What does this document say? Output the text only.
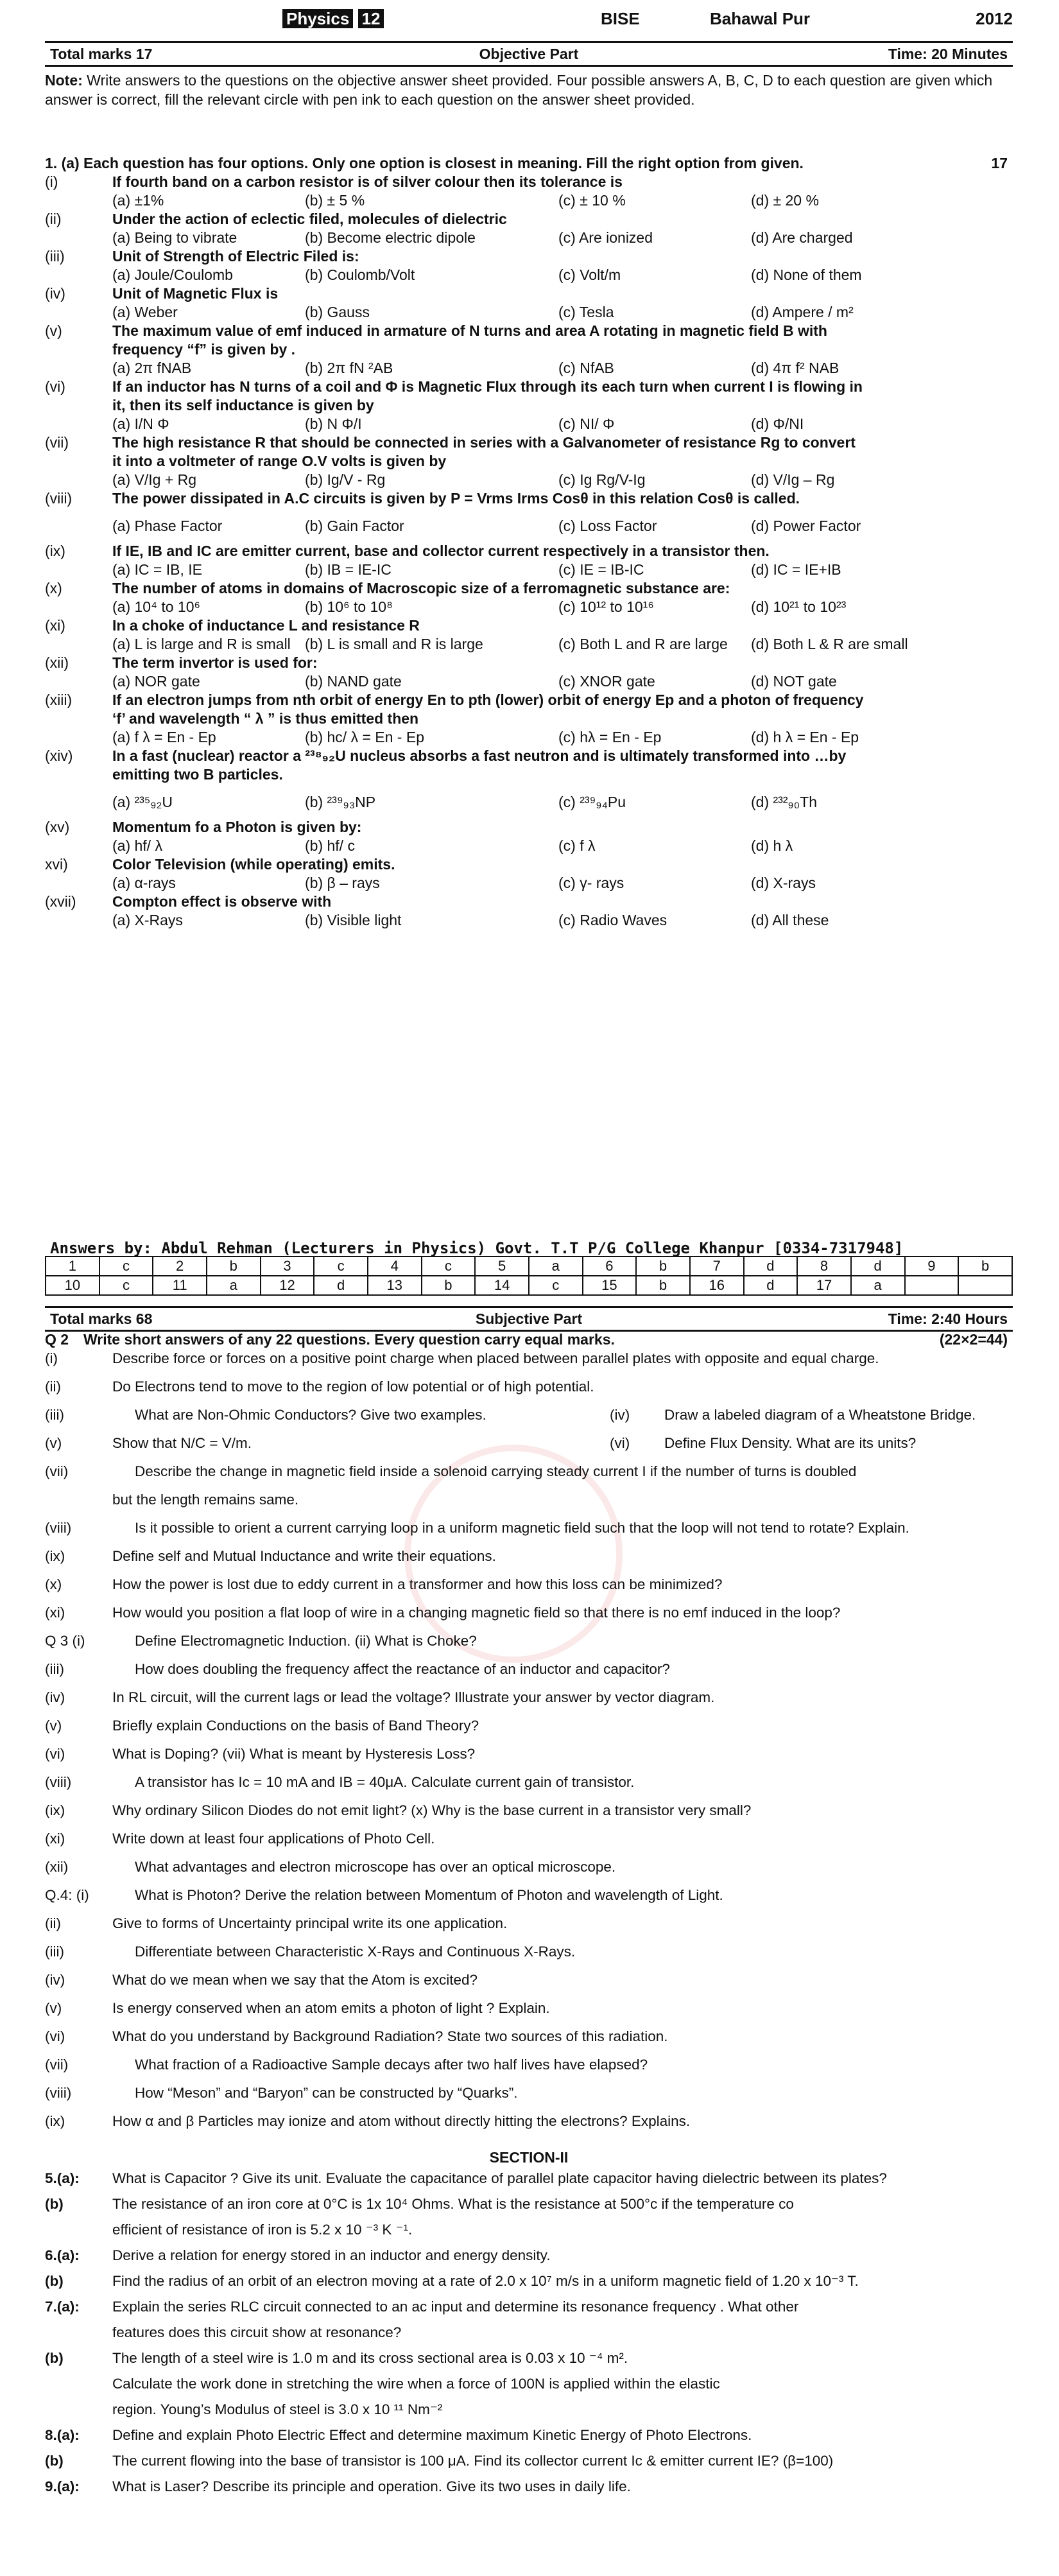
Physics 12	BISE	Bahawal Pur	2012
Total marks 17	Objective Part	Time: 20 Minutes
Note: Write answers to the questions on the objective answer sheet provided. Four possible answers A, B, C, D to each question are given which answer is correct, fill the relevant circle with pen ink to each question on the answer sheet provided.
1. (a) Each question has four options. Only one option is closest in meaning. Fill the right option from given.	17
(i)	If fourth band on a carbon resistor is of silver colour then its tolerance is
(a) ±1%	(b) ± 5 %	(c) ± 10 %	(d) ± 20 %
(ii)	Under the action of eclectic filed, molecules of dielectric
(a) Being to vibrate	(b) Become electric dipole	(c) Are ionized	(d) Are charged
(iii)	Unit of Strength of Electric Filed is:
(a) Joule/Coulomb	(b) Coulomb/Volt	(c) Volt/m	(d) None of them
(iv)	Unit of Magnetic Flux is
(a) Weber	(b) Gauss	(c) Tesla	(d) Ampere / m²
(v)	The maximum value of emf induced in armature of N turns and area A rotating in magnetic field B with
frequency “f” is given by .
(a) 2π fNAB	(b) 2π fN ²AB	(c) NfAB	(d) 4π f² NAB
(vi)	If an inductor has N turns of a coil and Φ is Magnetic Flux through its each turn when current I is flowing in
it, then its self inductance is given by
(a) I/N Φ	(b) N Φ/I	(c) NI/ Φ	(d) Φ/NI
(vii)	The high resistance R that should be connected in series with a Galvanometer of resistance Rg to convert
it into a voltmeter of range O.V volts is given by
(a) V/Ig + Rg	(b) Ig/V - Rg	(c) Ig Rg/V-Ig	(d) V/Ig – Rg
(viii)	The power dissipated in A.C circuits is given by P = Vrms Irms Cosθ in this relation Cosθ is called.
(a) Phase Factor	(b) Gain Factor	(c) Loss Factor	(d) Power Factor
(ix)	If IE, IB and IC are emitter current, base and collector current respectively in a transistor then.
(a) IC = IB, IE	(b) IB = IE-IC	(c) IE = IB-IC	(d) IC = IE+IB
(x)	The number of atoms in domains of Macroscopic size of a ferromagnetic substance are:
(a) 10⁴ to 10⁶	(b) 10⁶ to 10⁸	(c) 10¹² to 10¹⁶	(d) 10²¹ to 10²³
(xi)	In a choke of inductance L and resistance R
(a) L is large and R is small (b) L is small and R is large	(c) Both L and R are large (d) Both L & R are small
(xii)	The term invertor is used for:
(a) NOR gate	(b) NAND gate	(c) XNOR gate	(d) NOT gate
(xiii)	If an electron jumps from nth orbit of energy En to pth (lower) orbit of energy Ep and a photon of frequency
‘f’ and wavelength “ λ ” is thus emitted then
(a) f λ = En - Ep	(b) hc/ λ = En - Ep	(c) hλ = En - Ep	(d) h λ = En - Ep
(xiv)	In a fast (nuclear) reactor a ²³⁸₉₂U nucleus absorbs a fast neutron and is ultimately transformed into …by
emitting two B particles.
(a) ²³⁵₉₂U	(b) ²³⁹₉₃NP	(c) ²³⁹₉₄Pu	(d) ²³²₉₀Th
(xv)	Momentum fo a Photon is given by:
(a) hf/ λ	(b) hf/ c	(c) f λ	(d) h λ
xvi)	Color Television (while operating) emits.
(a) α-rays	(b) β – rays	(c) γ- rays	(d) X-rays
(xvii) Compton effect is observe with
(a) X-Rays	(b) Visible light	(c) Radio Waves	(d) All these
Answers by: Abdul Rehman (Lecturers in Physics) Govt. T.T P/G College Khanpur [0334-7317948]
1	c	2	b	3	c	4	c	5	a	6	b	7	d	8	d	9	b
10	c	11	a	12	d	13	b	14	c	15	b	16	d	17	a		
Total marks 68	Subjective Part	Time: 2:40 Hours
Q 2 Write short answers of any 22 questions. Every question carry equal marks.	(22×2=44)
(i)	Describe force or forces on a positive point charge when placed between parallel plates with opposite and equal charge.
(ii)	Do Electrons tend to move to the region of low potential or of high potential.
(iii)	What are Non-Ohmic Conductors? Give two examples.	(iv) Draw a labeled diagram of a Wheatstone Bridge.
(v)	Show that N/C = V/m.	(vi) Define Flux Density. What are its units?
(vii)	Describe the change in magnetic field inside a solenoid carrying steady current I if the number of turns is doubled
but the length remains same.
(viii)	Is it possible to orient a current carrying loop in a uniform magnetic field such that the loop will not tend to rotate? Explain.
(ix)	Define self and Mutual Inductance and write their equations.
(x)	How the power is lost due to eddy current in a transformer and how this loss can be minimized?
(xi)	How would you position a flat loop of wire in a changing magnetic field so that there is no emf induced in the loop?
Q 3 (i)	Define Electromagnetic Induction. (ii) What is Choke?
(iii)	How does doubling the frequency affect the reactance of an inductor and capacitor?
(iv)	In RL circuit, will the current lags or lead the voltage? Illustrate your answer by vector diagram.
(v)	Briefly explain Conductions on the basis of Band Theory?
(vi)	What is Doping? (vii) What is meant by Hysteresis Loss?
(viii)	A transistor has Ic = 10 mA and IB = 40μA. Calculate current gain of transistor.
(ix)	Why ordinary Silicon Diodes do not emit light? (x) Why is the base current in a transistor very small?
(xi)	Write down at least four applications of Photo Cell.
(xii)	What advantages and electron microscope has over an optical microscope.
Q.4: (i)	What is Photon? Derive the relation between Momentum of Photon and wavelength of Light.
(ii)	Give to forms of Uncertainty principal write its one application.
(iii)	Differentiate between Characteristic X-Rays and Continuous X-Rays.
(iv)	What do we mean when we say that the Atom is excited?
(v)	Is energy conserved when an atom emits a photon of light ? Explain.
(vi)	What do you understand by Background Radiation? State two sources of this radiation.
(vii)	What fraction of a Radioactive Sample decays after two half lives have elapsed?
(viii)	How “Meson” and “Baryon” can be constructed by “Quarks”.
(ix)	How α and β Particles may ionize and atom without directly hitting the electrons? Explains.
SECTION-II
5.(a): What is Capacitor ? Give its unit. Evaluate the capacitance of parallel plate capacitor having dielectric between its plates?
(b)	The resistance of an iron core at 0°C is 1x 10⁴ Ohms. What is the resistance at 500°c if the temperature co
efficient of resistance of iron is 5.2 x 10 ⁻³ K ⁻¹.
6.(a): Derive a relation for energy stored in an inductor and energy density.
(b)	Find the radius of an orbit of an electron moving at a rate of 2.0 x 10⁷ m/s in a uniform magnetic field of 1.20 x 10⁻³ T.
7.(a): Explain the series RLC circuit connected to an ac input and determine its resonance frequency . What other
features does this circuit show at resonance?
(b)	The length of a steel wire is 1.0 m and its cross sectional area is 0.03 x 10 ⁻⁴ m².
Calculate the work done in stretching the wire when a force of 100N is applied within the elastic
region. Young’s Modulus of steel is 3.0 x 10 ¹¹ Nm⁻²
8.(a): Define and explain Photo Electric Effect and determine maximum Kinetic Energy of Photo Electrons.
(b)	The current flowing into the base of transistor is 100 μA. Find its collector current Ic & emitter current IE? (β=100)
9.(a): What is Laser? Describe its principle and operation. Give its two uses in daily life.
